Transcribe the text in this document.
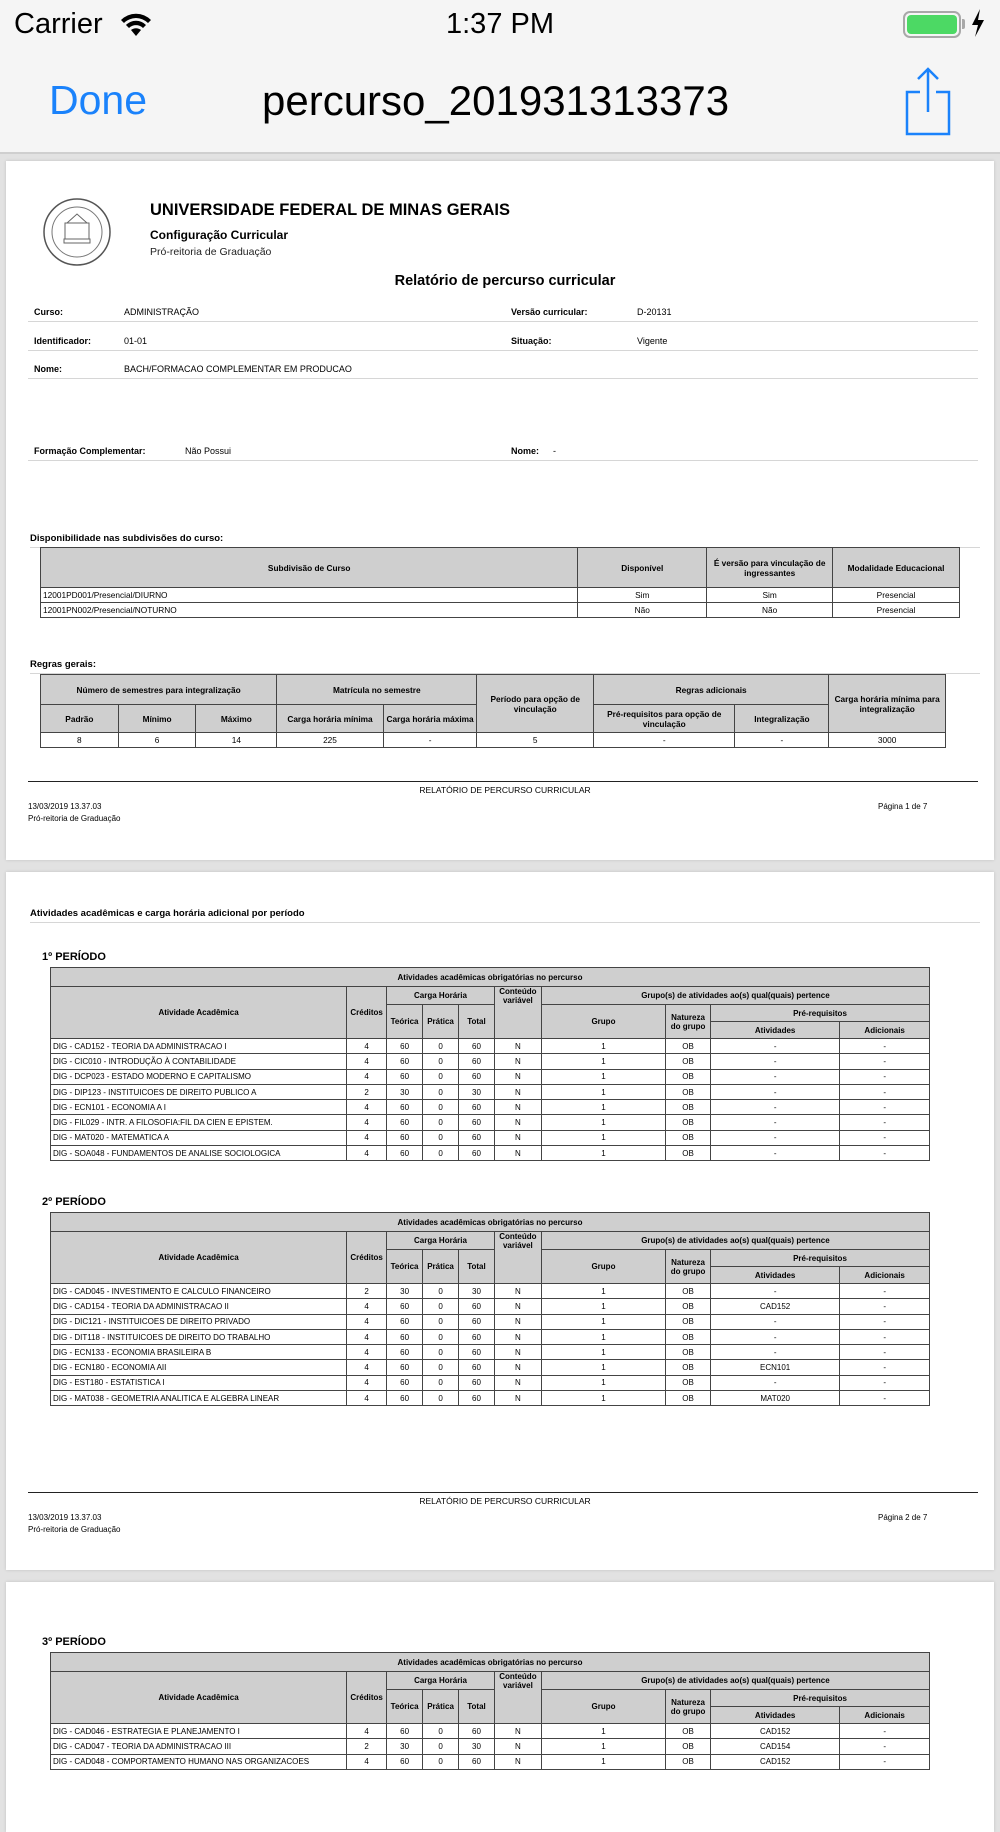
Carrier	1:37 PM
Done	percurso_201931313373
UNIVERSIDADE FEDERAL DE MINAS GERAIS
Configuração Curricular
Pró-reitoria de Graduação
Relatório de percurso curricular
Curso:	ADMINISTRAÇÃO	Versão curricular:	D-20131
Identificador:	01-01	Situação:	Vigente
Nome:	BACH/FORMACAO COMPLEMENTAR EM PRODUCAO
Formação Complementar:	Não Possui	Nome: -
Disponibilidade nas subdivisões do curso:
Subdivisão de Curso	Disponível	É versão para vinculação de ingressantes	Modalidade Educacional
12001PD001/Presencial/DIURNO	Sim	Sim	Presencial
12001PN002/Presencial/NOTURNO	Não	Não	Presencial
Regras gerais:
Número de semestres para integralização			Matrícula no semestre		Período para opção de vinculação	Regras adicionais		Carga horária mínima para integralização
Padrão	Mínimo	Máximo	Carga horária mínima	Carga horária máxima		Pré-requisitos para opção de vinculação	Integralização	
8	6	14	225	-	5	-	-	3000
RELATÓRIO DE PERCURSO CURRICULAR
13/03/2019 13.37.03
Pró-reitoria de Graduação
Página 1 de 7
Atividades acadêmicas e carga horária adicional por período
1º PERÍODO
Atividades acadêmicas obrigatórias no percurso									
Atividade Acadêmica	Créditos	Carga Horária			Conteúdo variável	Grupo(s) de atividades ao(s) qual(quais) pertence			
		Teórica	Prática	Total		Grupo	Natureza do grupo	Pré-requisitos	
								Atividades	Adicionais
DIG - CAD152 - TEORIA DA ADMINISTRACAO I	4	60	0	60	N	1	OB	-	-
DIG - CIC010 - INTRODUÇÃO À CONTABILIDADE	4	60	0	60	N	1	OB	-	-
DIG - DCP023 - ESTADO MODERNO E CAPITALISMO	4	60	0	60	N	1	OB	-	-
DIG - DIP123 - INSTITUICOES DE DIREITO PUBLICO A	2	30	0	30	N	1	OB	-	-
DIG - ECN101 - ECONOMIA A I	4	60	0	60	N	1	OB	-	-
DIG - FIL029 - INTR. A FILOSOFIA:FIL DA CIEN E EPISTEM.	4	60	0	60	N	1	OB	-	-
DIG - MAT020 - MATEMATICA A	4	60	0	60	N	1	OB	-	-
DIG - SOA048 - FUNDAMENTOS DE ANALISE SOCIOLOGICA	4	60	0	60	N	1	OB	-	-
2º PERÍODO
Atividades acadêmicas obrigatórias no percurso									
Atividade Acadêmica	Créditos	Carga Horária			Conteúdo variável	Grupo(s) de atividades ao(s) qual(quais) pertence			
		Teórica	Prática	Total		Grupo	Natureza do grupo	Pré-requisitos	
								Atividades	Adicionais
DIG - CAD045 - INVESTIMENTO E CALCULO FINANCEIRO	2	30	0	30	N	1	OB	-	-
DIG - CAD154 - TEORIA DA ADMINISTRACAO II	4	60	0	60	N	1	OB	CAD152	-
DIG - DIC121 - INSTITUICOES DE DIREITO PRIVADO	4	60	0	60	N	1	OB	-	-
DIG - DIT118 - INSTITUICOES DE DIREITO DO TRABALHO	4	60	0	60	N	1	OB	-	-
DIG - ECN133 - ECONOMIA BRASILEIRA B	4	60	0	60	N	1	OB	-	-
DIG - ECN180 - ECONOMIA AII	4	60	0	60	N	1	OB	ECN101	-
DIG - EST180 - ESTATISTICA I	4	60	0	60	N	1	OB	-	-
DIG - MAT038 - GEOMETRIA ANALITICA E ALGEBRA LINEAR	4	60	0	60	N	1	OB	MAT020	-
RELATÓRIO DE PERCURSO CURRICULAR
13/03/2019 13.37.03
Pró-reitoria de Graduação
Página 2 de 7
3º PERÍODO
Atividades acadêmicas obrigatórias no percurso									
Atividade Acadêmica	Créditos	Carga Horária			Conteúdo variável	Grupo(s) de atividades ao(s) qual(quais) pertence			
		Teórica	Prática	Total		Grupo	Natureza do grupo	Pré-requisitos	
								Atividades	Adicionais
DIG - CAD046 - ESTRATEGIA E PLANEJAMENTO I	4	60	0	60	N	1	OB	CAD152	-
DIG - CAD047 - TEORIA DA ADMINISTRACAO III	2	30	0	30	N	1	OB	CAD154	-
DIG - CAD048 - COMPORTAMENTO HUMANO NAS ORGANIZACOES	4	60	0	60	N	1	OB	CAD152	-
